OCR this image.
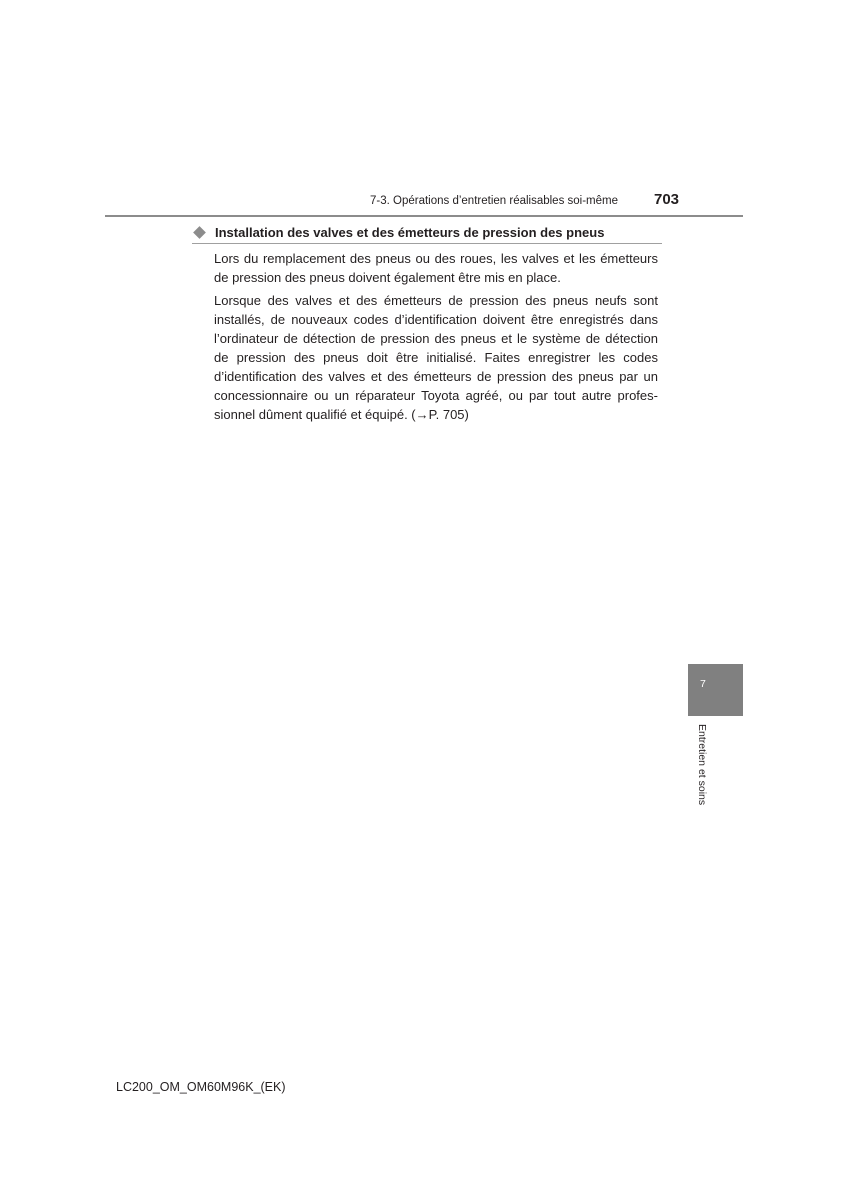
7-3. Opérations d’entretien réalisables soi-même 703
Installation des valves et des émetteurs de pression des pneus

Lors du remplacement des pneus ou des roues, les valves et les émetteurs de pression des pneus doivent également être mis en place.

Lorsque des valves et des émetteurs de pression des pneus neufs sont installés, de nouveaux codes d’identification doivent être enregistrés dans l’ordinateur de détection de pression des pneus et le système de détection de pression des pneus doit être initialisé. Faites enregistrer les codes d’identification des valves et des émetteurs de pression des pneus par un concessionnaire ou un réparateur Toyota agréé, ou par tout autre professionnel dûment qualifié et équipé. (→P. 705)

7
Entretien et soins
LC200_OM_OM60M96K_(EK)
